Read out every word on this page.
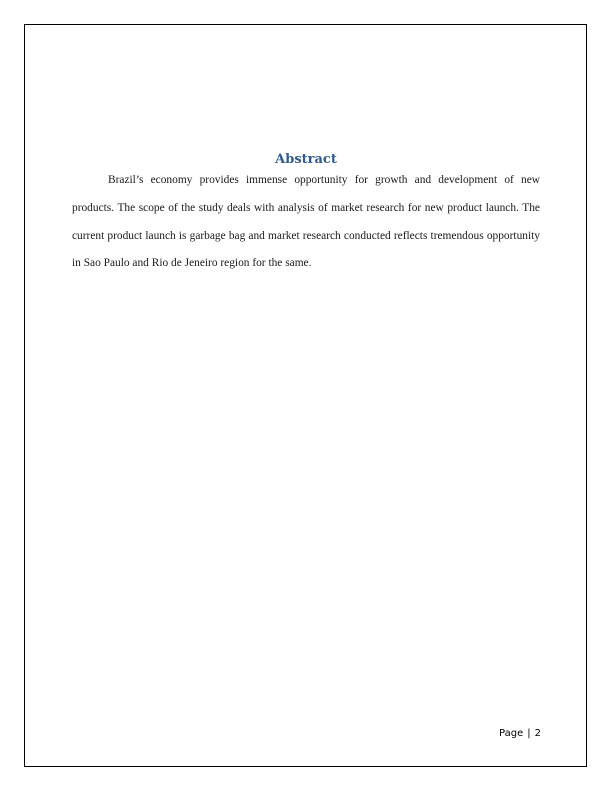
Abstract

Brazil’s economy provides immense opportunity for growth and development of new products. The scope of the study deals with analysis of market research for new product launch. The current product launch is garbage bag and market research conducted reflects tremendous opportunity in Sao Paulo and Rio de Jeneiro region for the same.

Page | 2
